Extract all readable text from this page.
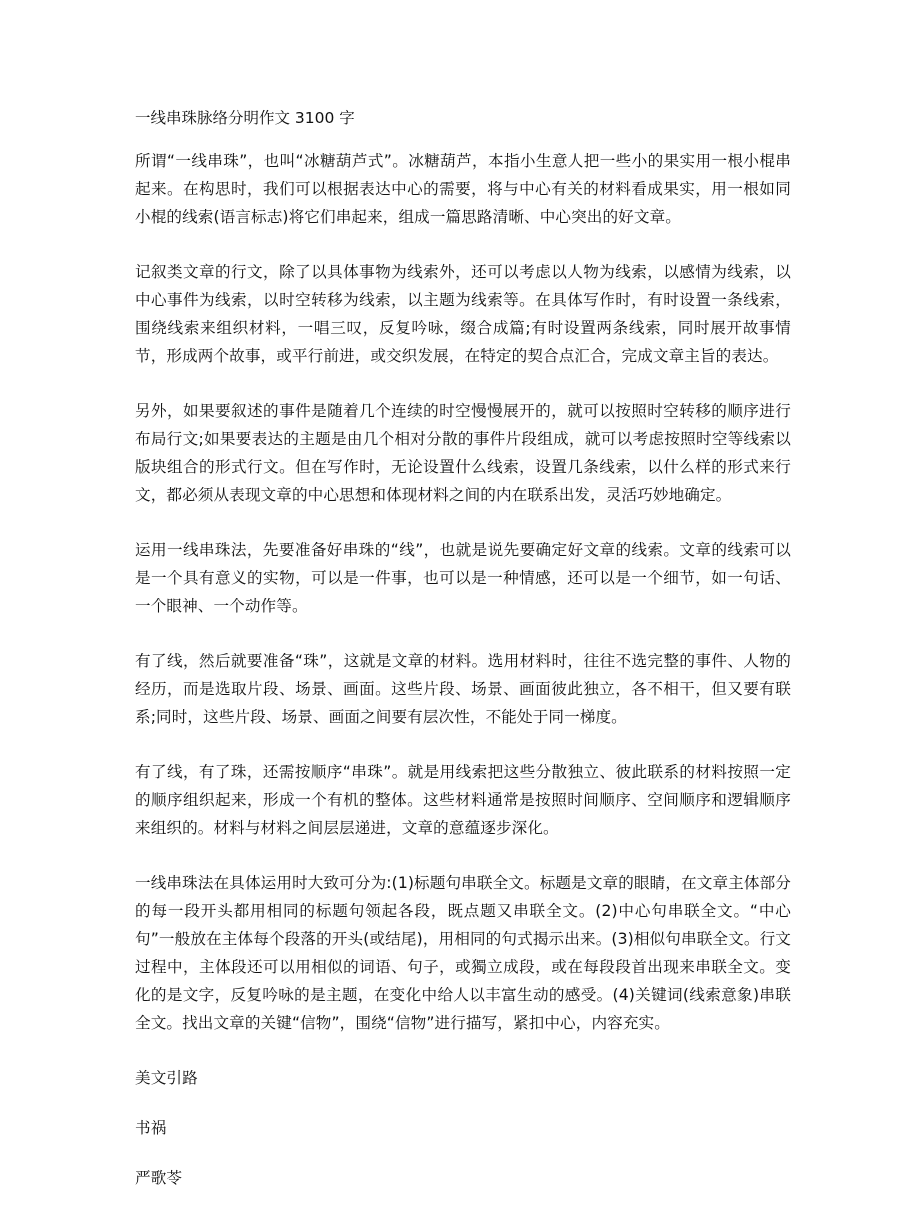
一线串珠脉络分明作文 3100 字

所谓“一线串珠”，也叫“冰糖葫芦式”。冰糖葫芦，本指小生意人把一些小的果实用一根小棍串起来。在构思时，我们可以根据表达中心的需要，将与中心有关的材料看成果实，用一根如同小棍的线索(语言标志)将它们串起来，组成一篇思路清晰、中心突出的好文章。

记叙类文章的行文，除了以具体事物为线索外，还可以考虑以人物为线索，以感情为线索，以中心事件为线索，以时空转移为线索，以主题为线索等。在具体写作时，有时设置一条线索，围绕线索来组织材料，一唱三叹，反复吟咏，缀合成篇;有时设置两条线索，同时展开故事情节，形成两个故事，或平行前进，或交织发展，在特定的契合点汇合，完成文章主旨的表达。

另外，如果要叙述的事件是随着几个连续的时空慢慢展开的，就可以按照时空转移的顺序进行布局行文;如果要表达的主题是由几个相对分散的事件片段组成，就可以考虑按照时空等线索以版块组合的形式行文。但在写作时，无论设置什么线索，设置几条线索，以什么样的形式来行文，都必须从表现文章的中心思想和体现材料之间的内在联系出发，灵活巧妙地确定。

运用一线串珠法，先要准备好串珠的“线”，也就是说先要确定好文章的线索。文章的线索可以是一个具有意义的实物，可以是一件事，也可以是一种情感，还可以是一个细节，如一句话、一个眼神、一个动作等。

有了线，然后就要准备“珠”，这就是文章的材料。选用材料时，往往不选完整的事件、人物的经历，而是选取片段、场景、画面。这些片段、场景、画面彼此独立，各不相干，但又要有联系;同时，这些片段、场景、画面之间要有层次性，不能处于同一梯度。

有了线，有了珠，还需按顺序“串珠”。就是用线索把这些分散独立、彼此联系的材料按照一定的顺序组织起来，形成一个有机的整体。这些材料通常是按照时间顺序、空间顺序和逻辑顺序来组织的。材料与材料之间层层递进，文章的意蕴逐步深化。

一线串珠法在具体运用时大致可分为:(1)标题句串联全文。标题是文章的眼睛，在文章主体部分的每一段开头都用相同的标题句领起各段，既点题又串联全文。(2)中心句串联全文。“中心句”一般放在主体每个段落的开头(或结尾)，用相同的句式揭示出来。(3)相似句串联全文。行文过程中，主体段还可以用相似的词语、句子，或獨立成段，或在每段段首出现来串联全文。变化的是文字，反复吟咏的是主题，在变化中给人以丰富生动的感受。(4)关键词(线索意象)串联全文。找出文章的关键“信物”，围绕“信物”进行描写，紧扣中心，内容充实。

美文引路

书祸

严歌苓
